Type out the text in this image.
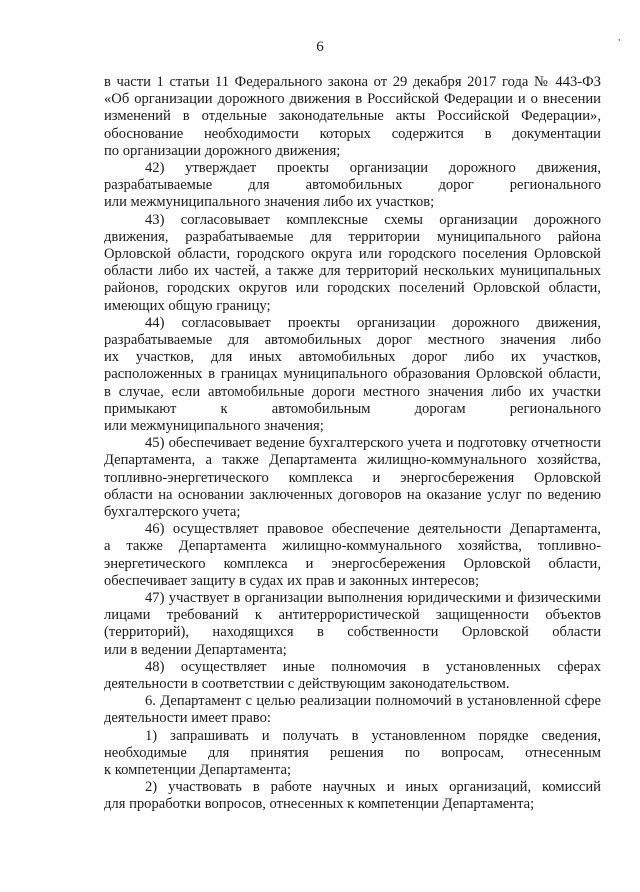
6
,
в части 1 статьи 11 Федерального закона от 29 декабря 2017 года № 443-ФЗ
«Об организации дорожного движения в Российской Федерации и о внесении
изменений в отдельные законодательные акты Российской Федерации»,
обоснование необходимости которых содержится в документации
по организации дорожного движения;
42) утверждает проекты организации дорожного движения,
разрабатываемые для автомобильных дорог регионального
или межмуниципального значения либо их участков;
43) согласовывает комплексные схемы организации дорожного
движения, разрабатываемые для территории муниципального района
Орловской области, городского округа или городского поселения Орловской
области либо их частей, а также для территорий нескольких муниципальных
районов, городских округов или городских поселений Орловской области,
имеющих общую границу;
44) согласовывает проекты организации дорожного движения,
разрабатываемые для автомобильных дорог местного значения либо
их участков, для иных автомобильных дорог либо их участков,
расположенных в границах муниципального образования Орловской области,
в случае, если автомобильные дороги местного значения либо их участки
примыкают к автомобильным дорогам регионального
или межмуниципального значения;
45) обеспечивает ведение бухгалтерского учета и подготовку отчетности
Департамента, а также Департамента жилищно-коммунального хозяйства,
топливно-энергетического комплекса и энергосбережения Орловской
области на основании заключенных договоров на оказание услуг по ведению
бухгалтерского учета;
46) осуществляет правовое обеспечение деятельности Департамента,
а также Департамента жилищно-коммунального хозяйства, топливно-
энергетического комплекса и энергосбережения Орловской области,
обеспечивает защиту в судах их прав и законных интересов;
47) участвует в организации выполнения юридическими и физическими
лицами требований к антитеррористической защищенности объектов
(территорий), находящихся в собственности Орловской области
или в ведении Департамента;
48) осуществляет иные полномочия в установленных сферах
деятельности в соответствии с действующим законодательством.
6. Департамент с целью реализации полномочий в установленной сфере
деятельности имеет право:
1) запрашивать и получать в установленном порядке сведения,
необходимые для принятия решения по вопросам, отнесенным
к компетенции Департамента;
2) участвовать в работе научных и иных организаций, комиссий
для проработки вопросов, отнесенных к компетенции Департамента;
